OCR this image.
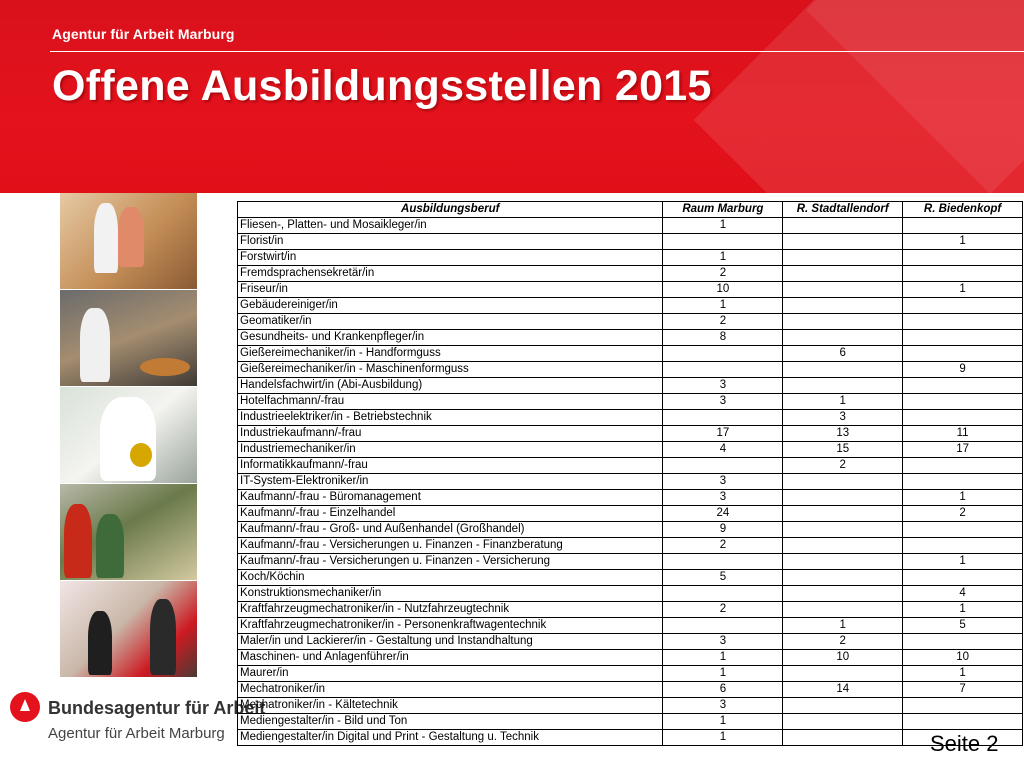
Agentur für Arbeit Marburg
Offene Ausbildungsstellen 2015
Bundesagentur für Arbeit
Agentur für Arbeit Marburg
Ausbildungsberuf	Raum Marburg	R. Stadtallendorf	R. Biedenkopf
Fliesen-, Platten- und Mosaikleger/in	1		
Florist/in			1
Forstwirt/in	1		
Fremdsprachensekretär/in	2		
Friseur/in	10		1
Gebäudereiniger/in	1		
Geomatiker/in	2		
Gesundheits- und Krankenpfleger/in	8		
Gießereimechaniker/in - Handformguss		6	
Gießereimechaniker/in - Maschinenformguss			9
Handelsfachwirt/in (Abi-Ausbildung)	3		
Hotelfachmann/-frau	3	1	
Industrieelektriker/in - Betriebstechnik		3	
Industriekaufmann/-frau	17	13	11
Industriemechaniker/in	4	15	17
Informatikkaufmann/-frau		2	
IT-System-Elektroniker/in	3		
Kaufmann/-frau - Büromanagement	3		1
Kaufmann/-frau - Einzelhandel	24		2
Kaufmann/-frau - Groß- und Außenhandel (Großhandel)	9		
Kaufmann/-frau - Versicherungen u. Finanzen - Finanzberatung	2		
Kaufmann/-frau - Versicherungen u. Finanzen - Versicherung			1
Koch/Köchin	5		
Konstruktionsmechaniker/in			4
Kraftfahrzeugmechatroniker/in - Nutzfahrzeugtechnik	2		1
Kraftfahrzeugmechatroniker/in - Personenkraftwagentechnik		1	5
Maler/in und Lackierer/in - Gestaltung und Instandhaltung	3	2	
Maschinen- und Anlagenführer/in	1	10	10
Maurer/in	1		1
Mechatroniker/in	6	14	7
Mechatroniker/in - Kältetechnik	3		
Mediengestalter/in - Bild und Ton	1		
Mediengestalter/in Digital und Print - Gestaltung u. Technik	1			Seite 2
